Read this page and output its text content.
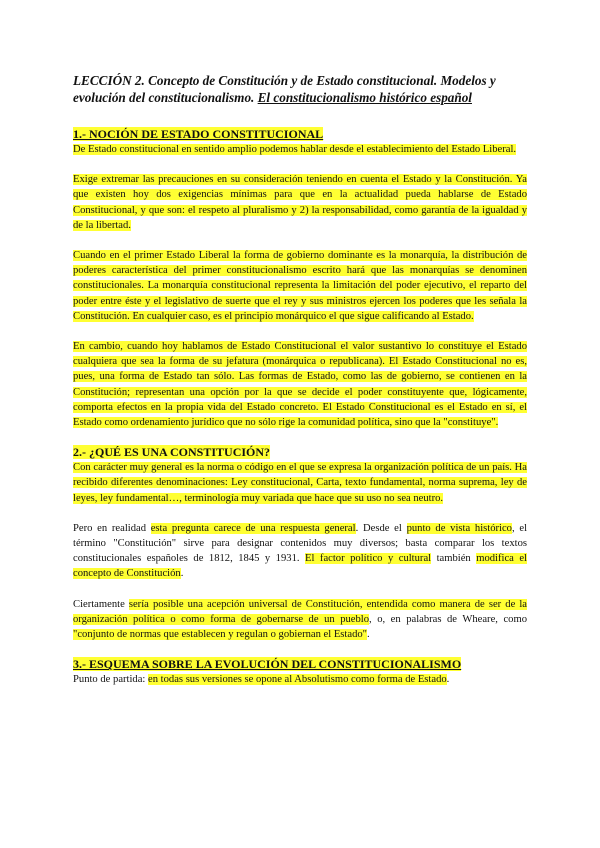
LECCIÓN 2. Concepto de Constitución y de Estado constitucional. Modelos y evolución del constitucionalismo. El constitucionalismo histórico español
1.- NOCIÓN DE ESTADO CONSTITUCIONAL

De Estado constitucional en sentido amplio podemos hablar desde el establecimiento del Estado Liberal.

Exige extremar las precauciones en su consideración teniendo en cuenta el Estado y la Constitución. Ya que existen hoy dos exigencias mínimas para que en la actualidad pueda hablarse de Estado Constitucional, y que son: el respeto al pluralismo y 2) la responsabilidad, como garantía de la igualdad y de la libertad.

Cuando en el primer Estado Liberal la forma de gobierno dominante es la monarquía, la distribución de poderes característica del primer constitucionalismo escrito hará que las monarquías se denominen constitucionales. La monarquía constitucional representa la limitación del poder ejecutivo, el reparto del poder entre éste y el legislativo de suerte que el rey y sus ministros ejercen los poderes que les señala la Constitución. En cualquier caso, es el principio monárquico el que sigue calificando al Estado.

En cambio, cuando hoy hablamos de Estado Constitucional el valor sustantivo lo constituye el Estado cualquiera que sea la forma de su jefatura (monárquica o republicana). El Estado Constitucional no es, pues, una forma de Estado tan sólo. Las formas de Estado, como las de gobierno, se contienen en la Constitución; representan una opción por la que se decide el poder constituyente que, lógicamente, comporta efectos en la propia vida del Estado concreto. El Estado Constitucional es el Estado en sí, el Estado como ordenamiento jurídico que no sólo rige la comunidad política, sino que la "constituye".

2.- ¿QUÉ ES UNA CONSTITUCIÓN?

Con carácter muy general es la norma o código en el que se expresa la organización política de un país. Ha recibido diferentes denominaciones: Ley constitucional, Carta, texto fundamental, norma suprema, ley de leyes, ley fundamental…, terminología muy variada que hace que su uso no sea neutro.

Pero en realidad esta pregunta carece de una respuesta general. Desde el punto de vista histórico, el término "Constitución" sirve para designar contenidos muy diversos; basta comparar los textos constitucionales españoles de 1812, 1845 y 1931. El factor político y cultural también modifica el concepto de Constitución.

Ciertamente sería posible una acepción universal de Constitución, entendida como manera de ser de la organización política o como forma de gobernarse de un pueblo, o, en palabras de Wheare, como "conjunto de normas que establecen y regulan o gobiernan el Estado".

3.- ESQUEMA SOBRE LA EVOLUCIÓN DEL CONSTITUCIONALISMO

Punto de partida: en todas sus versiones se opone al Absolutismo como forma de Estado.
